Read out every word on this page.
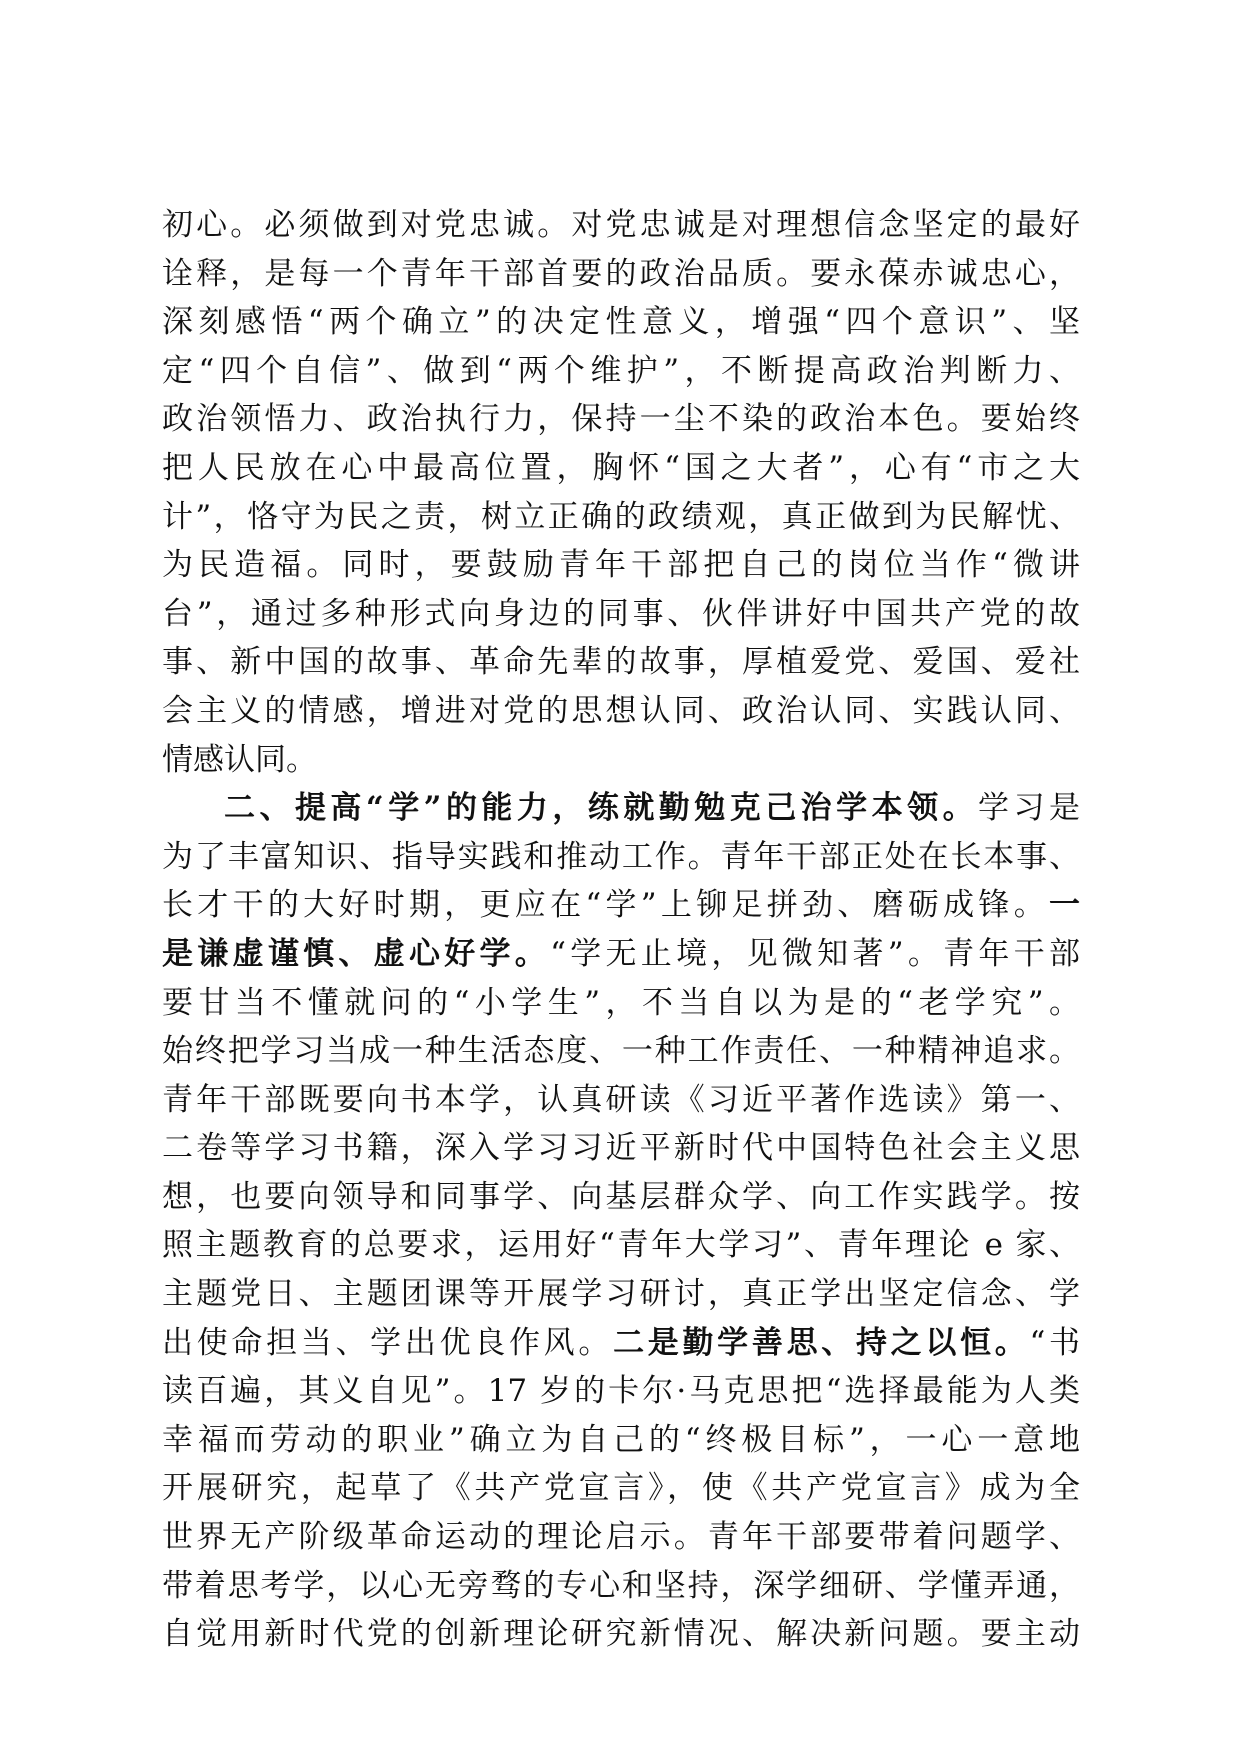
初心。必须做到对党忠诚。对党忠诚是对理想信念坚定的最好
诠释，是每一个青年干部首要的政治品质。要永葆赤诚忠心，
深刻感悟“两个确立”的决定性意义，增强“四个意识”、坚
定“四个自信”、做到“两个维护”，不断提高政治判断力、
政治领悟力、政治执行力，保持一尘不染的政治本色。要始终
把人民放在心中最高位置，胸怀“国之大者”，心有“市之大
计”，恪守为民之责，树立正确的政绩观，真正做到为民解忧、
为民造福。同时，要鼓励青年干部把自己的岗位当作“微讲
台”，通过多种形式向身边的同事、伙伴讲好中国共产党的故
事、新中国的故事、革命先辈的故事，厚植爱党、爱国、爱社
会主义的情感，增进对党的思想认同、政治认同、实践认同、
情感认同。
二、提高“学”的能力，练就勤勉克己治学本领。学习是
为了丰富知识、指导实践和推动工作。青年干部正处在长本事、
长才干的大好时期，更应在“学”上铆足拼劲、磨砺成锋。一
是谦虚谨慎、虚心好学。“学无止境，见微知著”。青年干部
要甘当不懂就问的“小学生”，不当自以为是的“老学究”。
始终把学习当成一种生活态度、一种工作责任、一种精神追求。
青年干部既要向书本学，认真研读《习近平著作选读》第一、
二卷等学习书籍，深入学习习近平新时代中国特色社会主义思
想，也要向领导和同事学、向基层群众学、向工作实践学。按
照主题教育的总要求，运用好“青年大学习”、青年理论 e 家、
主题党日、主题团课等开展学习研讨，真正学出坚定信念、学
出使命担当、学出优良作风。二是勤学善思、持之以恒。“书
读百遍，其义自见”。17 岁的卡尔·马克思把“选择最能为人类
幸福而劳动的职业”确立为自己的“终极目标”，一心一意地
开展研究，起草了《共产党宣言》，使《共产党宣言》成为全
世界无产阶级革命运动的理论启示。青年干部要带着问题学、
带着思考学，以心无旁骛的专心和坚持，深学细研、学懂弄通，
自觉用新时代党的创新理论研究新情况、解决新问题。要主动
